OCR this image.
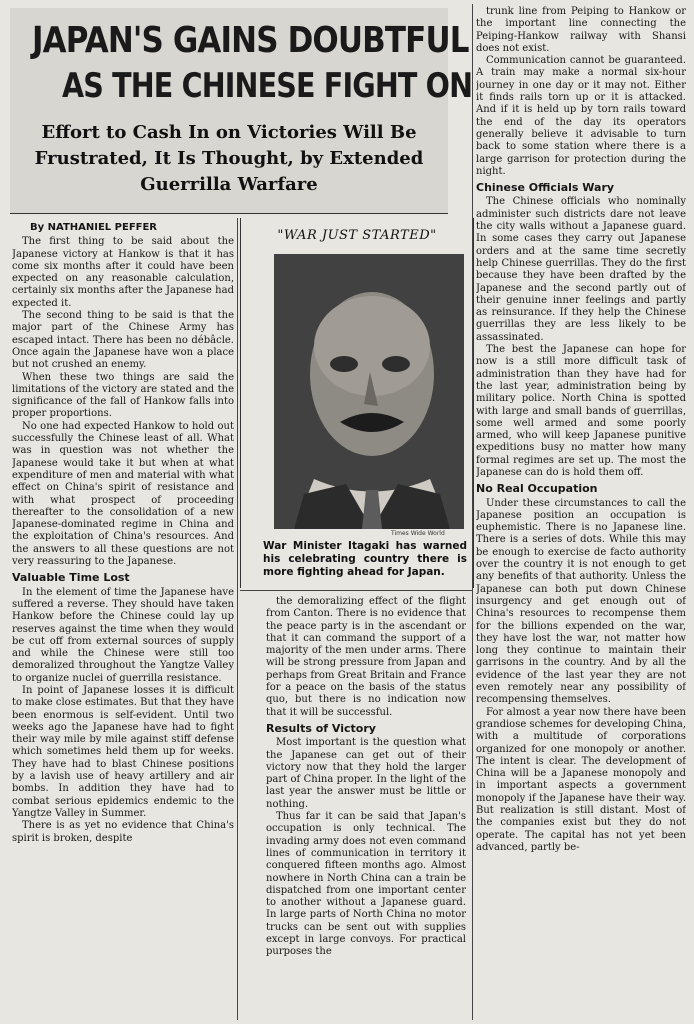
JAPAN'S GAINS DOUBTFUL
AS THE CHINESE FIGHT ON
Effort to Cash In on Victories Will Be Frustrated, It Is Thought, by Extended Guerrilla Warfare

By NATHANIEL PEFFER

The first thing to be said about the Japanese victory at Hankow is that it has come six months after it could have been expected on any reasonable calculation, certainly six months after the Japanese had expected it.

The second thing to be said is that the major part of the Chinese Army has escaped intact. There has been no débâcle. Once again the Japanese have won a place but not crushed an enemy.

When these two things are said the limitations of the victory are stated and the significance of the fall of Hankow falls into proper proportions.

No one had expected Hankow to hold out successfully the Chinese least of all. What was in question was not whether the Japanese would take it but when at what expenditure of men and material with what effect on China's spirit of resistance and with what prospect of proceeding thereafter to the consolidation of a new Japanese-dominated regime in China and the exploitation of China's resources. And the answers to all these questions are not very reassuring to the Japanese.

Valuable Time Lost

In the element of time the Japanese have suffered a reverse. They should have taken Hankow before the Chinese could lay up reserves against the time when they would be cut off from external sources of supply and while the Chinese were still too demoralized throughout the Yangtze Valley to organize nuclei of guerrilla resistance.

In point of Japanese losses it is difficult to make close estimates. But that they have been enormous is self-evident. Until two weeks ago the Japanese have had to fight their way mile by mile against stiff defense which sometimes held them up for weeks. They have had to blast Chinese positions by a lavish use of heavy artillery and air bombs. In addition they have had to combat serious epidemics endemic to the Yangtze Valley in Summer.

There is as yet no evidence that China's spirit is broken, despite

"WAR JUST STARTED"
Times Wide World
War Minister Itagaki has warned his celebrating country there is more fighting ahead for Japan.

the demoralizing effect of the flight from Canton. There is no evidence that the peace party is in the ascendant or that it can command the support of a majority of the men under arms. There will be strong pressure from Japan and perhaps from Great Britain and France for a peace on the basis of the status quo, but there is no indication now that it will be successful.

Results of Victory

Most important is the question what the Japanese can get out of their victory now that they hold the larger part of China proper. In the light of the last year the answer must be little or nothing.

Thus far it can be said that Japan's occupation is only technical. The invading army does not even command lines of communication in territory it conquered fifteen months ago. Almost nowhere in North China can a train be dispatched from one important center to another without a Japanese guard. In large parts of North China no motor trucks can be sent out with supplies except in large convoys. For practical purposes the

trunk line from Peiping to Hankow or the important line connecting the Peiping-Hankow railway with Shansi does not exist.

Communication cannot be guaranteed. A train may make a normal six-hour journey in one day or it may not. Either it finds rails torn up or it is attacked. And if it is held up by torn rails toward the end of the day its operators generally believe it advisable to turn back to some station where there is a large garrison for protection during the night.

Chinese Officials Wary

The Chinese officials who nominally administer such districts dare not leave the city walls without a Japanese guard. In some cases they carry out Japanese orders and at the same time secretly help Chinese guerrillas. They do the first because they have been drafted by the Japanese and the second partly out of their genuine inner feelings and partly as reinsurance. If they help the Chinese guerrillas they are less likely to be assassinated.

The best the Japanese can hope for now is a still more difficult task of administration than they have had for the last year, administration being by military police. North China is spotted with large and small bands of guerrillas, some well armed and some poorly armed, who will keep Japanese punitive expeditions busy no matter how many formal regimes are set up. The most the Japanese can do is hold them off.

No Real Occupation

Under these circumstances to call the Japanese position an occupation is euphemistic. There is no Japanese line. There is a series of dots. While this may be enough to exercise de facto authority over the country it is not enough to get any benefits of that authority. Unless the Japanese can both put down Chinese insurgency and get enough out of China's resources to recompense them for the billions expended on the war, they have lost the war, not matter how long they continue to maintain their garrisons in the country. And by all the evidence of the last year they are not even remotely near any possibility of recompensing themselves.

For almost a year now there have been grandiose schemes for developing China, with a multitude of corporations organized for one monopoly or another. The intent is clear. The development of China will be a Japanese monopoly and in important aspects a government monopoly if the Japanese have their way. But realization is still distant. Most of the companies exist but they do not operate. The capital has not yet been advanced, partly be-
